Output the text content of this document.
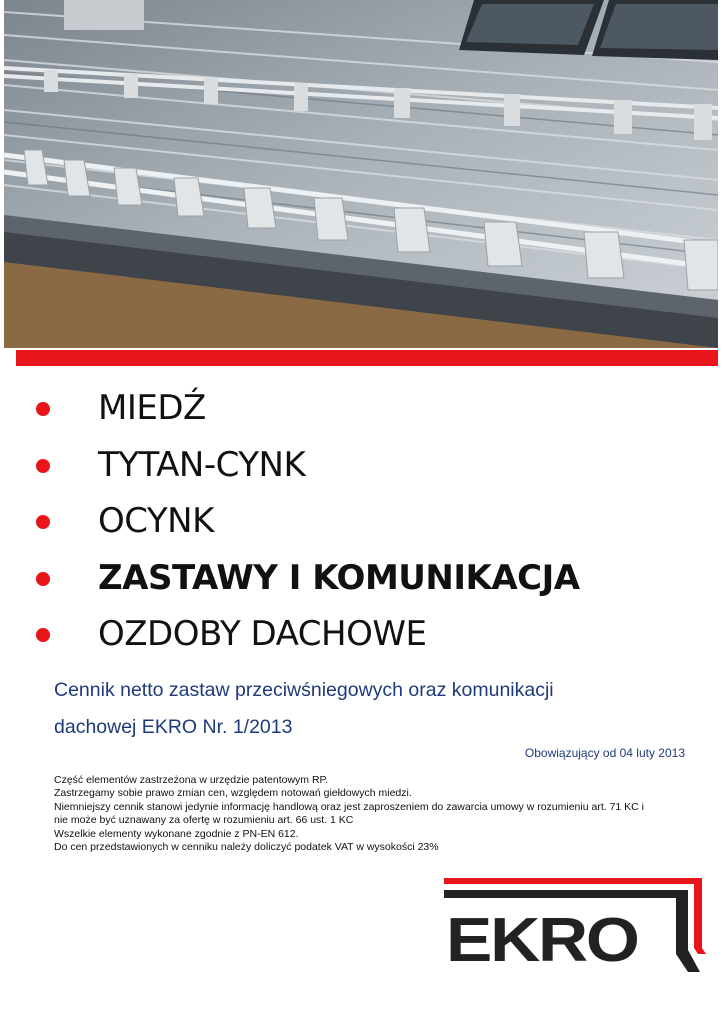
MIEDŹ
TYTAN-CYNK
OCYNK
ZASTAWY I KOMUNIKACJA
OZDOBY DACHOWE
Cennik netto zastaw przeciwśniegowych oraz komunikacji
dachowej EKRO Nr. 1/2013
Obowiązujący od 04 luty 2013
Część elementów zastrzeżona w urzędzie patentowym RP.
Zastrzegamy sobie prawo zmian cen, względem notowań giełdowych miedzi.
Niemniejszy cennik stanowi jedynie informację handlową oraz jest zaproszeniem do zawarcia umowy w rozumieniu art. 71 KC i
nie może być uznawany za ofertę w rozumieniu art. 66 ust. 1 KC
Wszelkie elementy wykonane zgodnie z PN-EN 612.
Do cen przedstawionych w cenniku należy doliczyć podatek VAT w wysokości 23%
EKRO
